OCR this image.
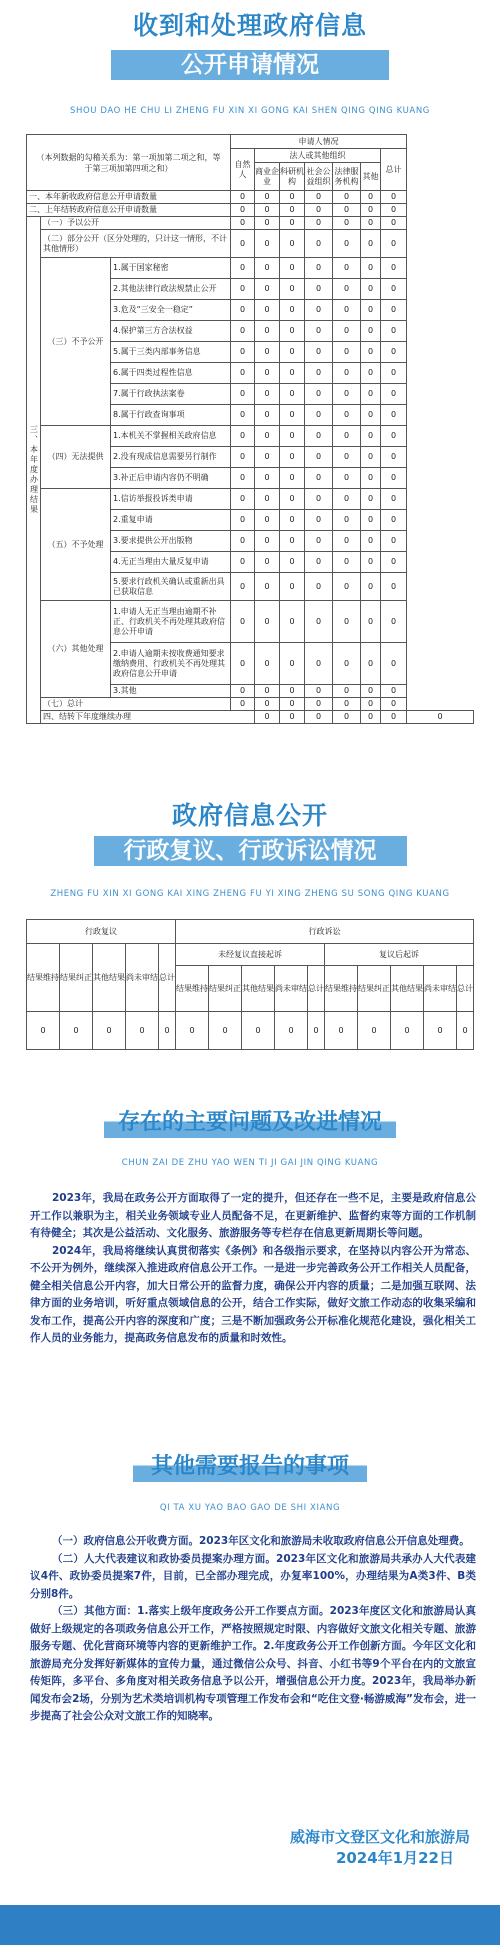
收到和处理政府信息
公开申请情况
SHOU DAO HE CHU LI ZHENG FU XIN XI GONG KAI SHEN QING QING KUANG
（本列数据的勾稽关系为：第一项加第二项之和，等于第三项加第四项之和）			申请人情况							
			自然人	法人或其他组织					总计	
				商业企业	科研机构	社会公益组织	法律服务机构	其他		
一、本年新收政府信息公开申请数量			0	0	0	0	0	0	0	
二、上年结转政府信息公开申请数量			0	0	0	0	0	0	0	
三、本年度办理结果	（一）予以公开		0	0	0	0	0	0	0	
	（二）部分公开（区分处理的，只计这一情形，不计其他情形）		0	0	0	0	0	0	0	
	（三）不予公开	1.属于国家秘密	0	0	0	0	0	0	0	
		2.其他法律行政法规禁止公开	0	0	0	0	0	0	0	
		3.危及“三安全一稳定”	0	0	0	0	0	0	0	
		4.保护第三方合法权益	0	0	0	0	0	0	0	
		5.属于三类内部事务信息	0	0	0	0	0	0	0	
		6.属于四类过程性信息	0	0	0	0	0	0	0	
		7.属于行政执法案卷	0	0	0	0	0	0	0	
		8.属于行政查询事项	0	0	0	0	0	0	0	
	（四）无法提供	1.本机关不掌握相关政府信息	0	0	0	0	0	0	0	
		2.没有现成信息需要另行制作	0	0	0	0	0	0	0	
		3.补正后申请内容仍不明确	0	0	0	0	0	0	0	
	（五）不予处理	1.信访举报投诉类申请	0	0	0	0	0	0	0	
		2.重复申请	0	0	0	0	0	0	0	
		3.要求提供公开出版物	0	0	0	0	0	0	0	
		4.无正当理由大量反复申请	0	0	0	0	0	0	0	
		5.要求行政机关确认或重新出具已获取信息	0	0	0	0	0	0	0	
	（六）其他处理	1.申请人无正当理由逾期不补正、行政机关不再处理其政府信息公开申请	0	0	0	0	0	0	0	
		2.申请人逾期未按收费通知要求缴纳费用、行政机关不再处理其政府信息公开申请	0	0	0	0	0	0	0	
		3.其他	0	0	0	0	0	0	0	
	（七）总计		0	0	0	0	0	0	0	
	四、结转下年度继续办理			0	0	0	0	0	0	0
政府信息公开
行政复议、行政诉讼情况
ZHENG FU XIN XI GONG KAI XING ZHENG FU YI XING ZHENG SU SONG QING KUANG
行政复议					行政诉讼									
结果维持	结果纠正	其他结果	尚未审结	总计	未经复议直接起诉					复议后起诉				
					结果维持	结果纠正	其他结果	尚未审结	总计	结果维持	结果纠正	其他结果	尚未审结	总计
0	0	0	0	0	0	0	0	0	0	0	0	0	0	0
存在的主要问题及改进情况
CHUN ZAI DE ZHU YAO WEN TI JI GAI JIN QING KUANG

2023年，我局在政务公开方面取得了一定的提升，但还存在一些不足，主要是政府信息公开工作以兼职为主，相关业务领域专业人员配备不足，在更新维护、监督约束等方面的工作机制有待健全；其次是公益活动、文化服务、旅游服务等专栏存在信息更新周期长等问题。

2024年，我局将继续认真贯彻落实《条例》和各级指示要求，在坚持以内容公开为常态、不公开为例外，继续深入推进政府信息公开工作。一是进一步完善政务公开工作相关人员配备，健全相关信息公开内容，加大日常公开的监督力度，确保公开内容的质量；二是加强互联网、法律方面的业务培训，听好重点领域信息的公开，结合工作实际，做好文旅工作动态的收集采编和发布工作，提高公开内容的深度和广度；三是不断加强政务公开标准化规范化建设，强化相关工作人员的业务能力，提高政务信息发布的质量和时效性。

其他需要报告的事项
QI TA XU YAO BAO GAO DE SHI XIANG

（一）政府信息公开收费方面。2023年区文化和旅游局未收取政府信息公开信息处理费。

（二）人大代表建议和政协委员提案办理方面。2023年区文化和旅游局共承办人大代表建议4件、政协委员提案7件，目前，已全部办理完成，办复率100%，办理结果为A类3件、B类分别8件。

（三）其他方面：1.落实上级年度政务公开工作要点方面。2023年度区文化和旅游局认真做好上级规定的各项政务信息公开工作，严格按照规定时限、内容做好文旅文化相关专题、旅游服务专题、优化营商环境等内容的更新维护工作。2.年度政务公开工作创新方面。今年区文化和旅游局充分发挥好新媒体的宣传力量，通过微信公众号、抖音、小红书等9个平台在内的文旅宣传矩阵，多平台、多角度对相关政务信息予以公开，增强信息公开力度。2023年，我局举办新闻发布会2场，分别为艺术类培训机构专项管理工作发布会和“吃住文登·畅游威海”发布会，进一步提高了社会公众对文旅工作的知晓率。

威海市文登区文化和旅游局
2024年1月22日
